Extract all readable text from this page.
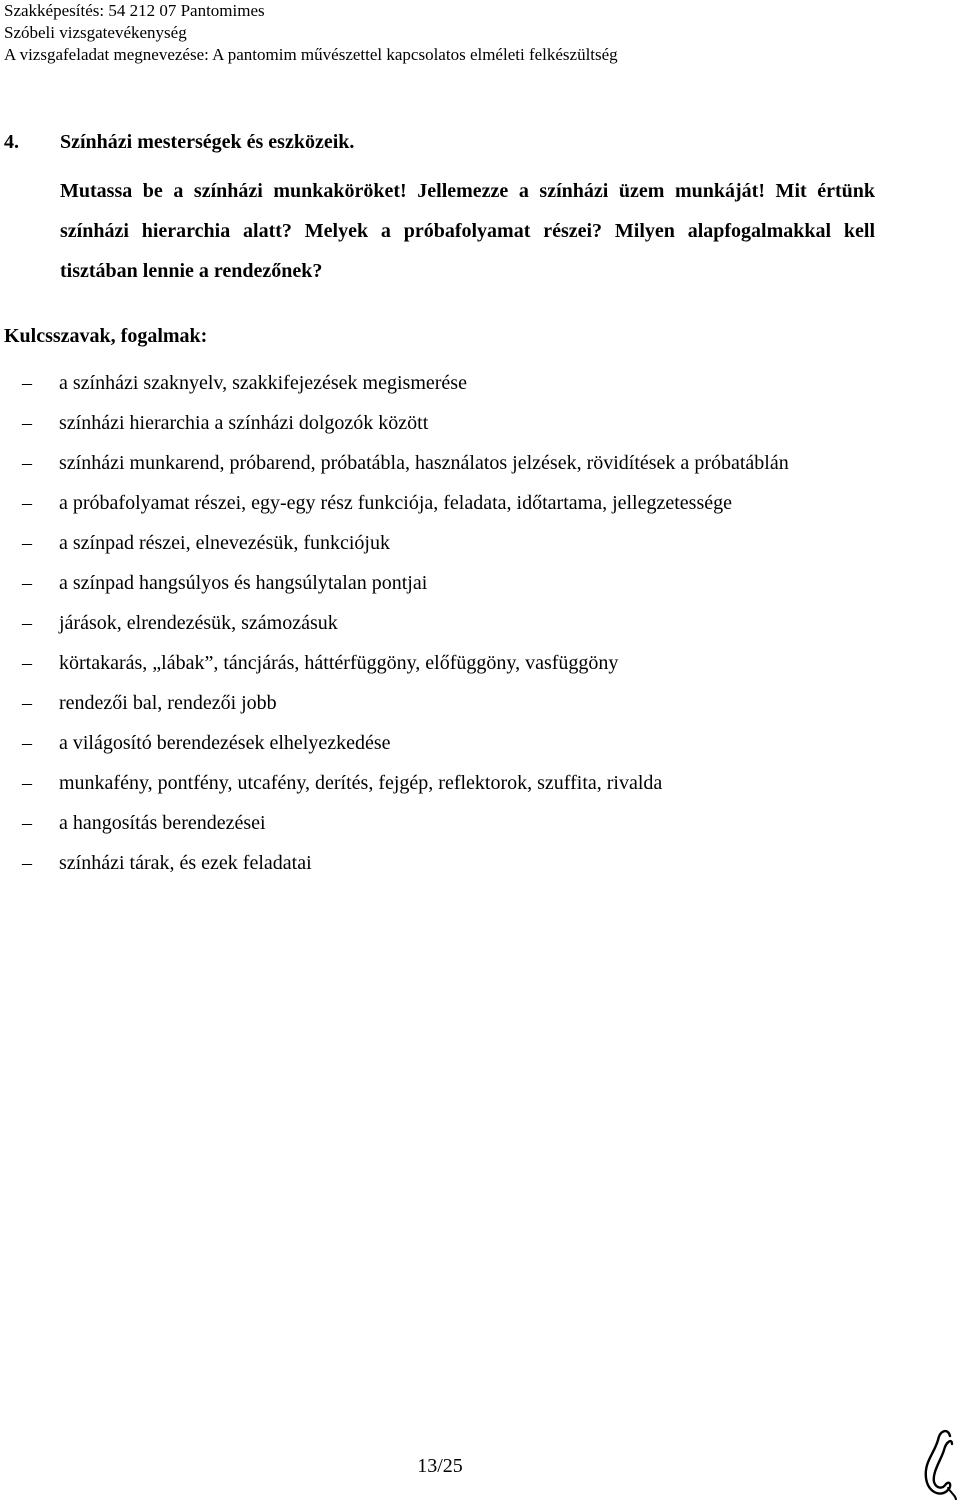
Szakképesítés: 54 212 07 Pantomimes
Szóbeli vizsgatevékenység
A vizsgafeladat megnevezése: A pantomim művészettel kapcsolatos elméleti felkészültség
4. Színházi mesterségek és eszközeik.
Mutassa be a színházi munkaköröket! Jellemezze a színházi üzem munkáját! Mit értünk színházi hierarchia alatt? Melyek a próbafolyamat részei? Milyen alapfogalmakkal kell tisztában lennie a rendezőnek?
Kulcsszavak, fogalmak:
–	a színházi szaknyelv, szakkifejezések megismerése
–	színházi hierarchia a színházi dolgozók között
–	színházi munkarend, próbarend, próbatábla, használatos jelzések, rövidítések a próbatáblán
–	a próbafolyamat részei, egy-egy rész funkciója, feladata, időtartama, jellegzetessége
–	a színpad részei, elnevezésük, funkciójuk
–	a színpad hangsúlyos és hangsúlytalan pontjai
–	járások, elrendezésük, számozásuk
–	körtakarás, „lábak”, táncjárás, háttérfüggöny, előfüggöny, vasfüggöny
–	rendezői bal, rendezői jobb
–	a világosító berendezések elhelyezkedése
–	munkafény, pontfény, utcafény, derítés, fejgép, reflektorok, szuffita, rivalda
–	a hangosítás berendezései
–	színházi tárak, és ezek feladatai
13/25
